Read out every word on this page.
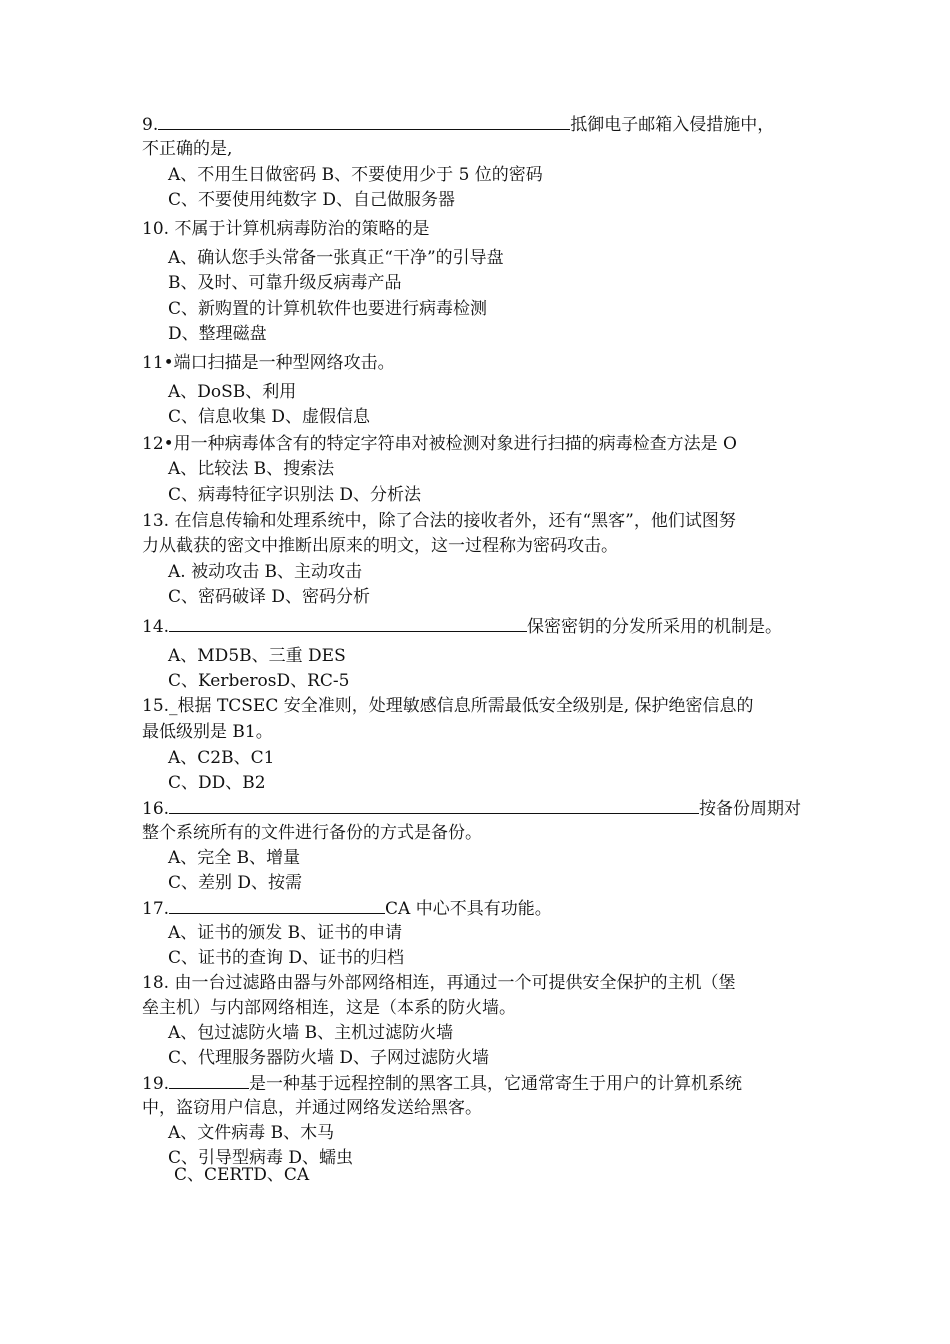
9.	抵御电子邮箱入侵措施中，
不正确的是,
A、不用生日做密码 B、不要使用少于 5 位的密码
C、不要使用纯数字 D、自己做服务器
10. 不属于计算机病毒防治的策略的是
A、确认您手头常备一张真正“干净”的引导盘
B、及时、可靠升级反病毒产品
C、新购置的计算机软件也要进行病毒检测
D、整理磁盘
11•端口扫描是一种型网络攻击。
A、DoSB、利用
C、信息收集 D、虚假信息
12•用一种病毒体含有的特定字符串对被检测对象进行扫描的病毒检查方法是 O
A、比较法 B、搜索法
C、病毒特征字识别法 D、分析法
13. 在信息传输和处理系统中，除了合法的接收者外，还有“黑客”，他们试图努
力从截获的密文中推断出原来的明文，这一过程称为密码攻击。
A. 被动攻击 B、主动攻击
C、密码破译 D、密码分析
14.	保密密钥的分发所采用的机制是。
A、MD5B、三重 DES
C、KerberosD、RC-5
15._根据 TCSEC 安全准则，处理敏感信息所需最低安全级别是, 保护绝密信息的
最低级别是 B1。
A、C2B、C1
C、DD、B2
16.	按备份周期对
整个系统所有的文件进行备份的方式是备份。
A、完全 B、增量
C、差别 D、按需
17.	CA 中心不具有功能。
A、证书的颁发 B、证书的申请
C、证书的查询 D、证书的归档
18. 由一台过滤路由器与外部网络相连，再通过一个可提供安全保护的主机（堡
垒主机）与内部网络相连，这是（本系的防火墙。
A、包过滤防火墙 B、主机过滤防火墙
C、代理服务器防火墙 D、子网过滤防火墙
19.	是一种基于远程控制的黑客工具，它通常寄生于用户的计算机系统
中，盗窃用户信息，并通过网络发送给黑客。
A、文件病毒 B、木马
C、引导型病毒 D、蠕虫
C、CERTD、CA
